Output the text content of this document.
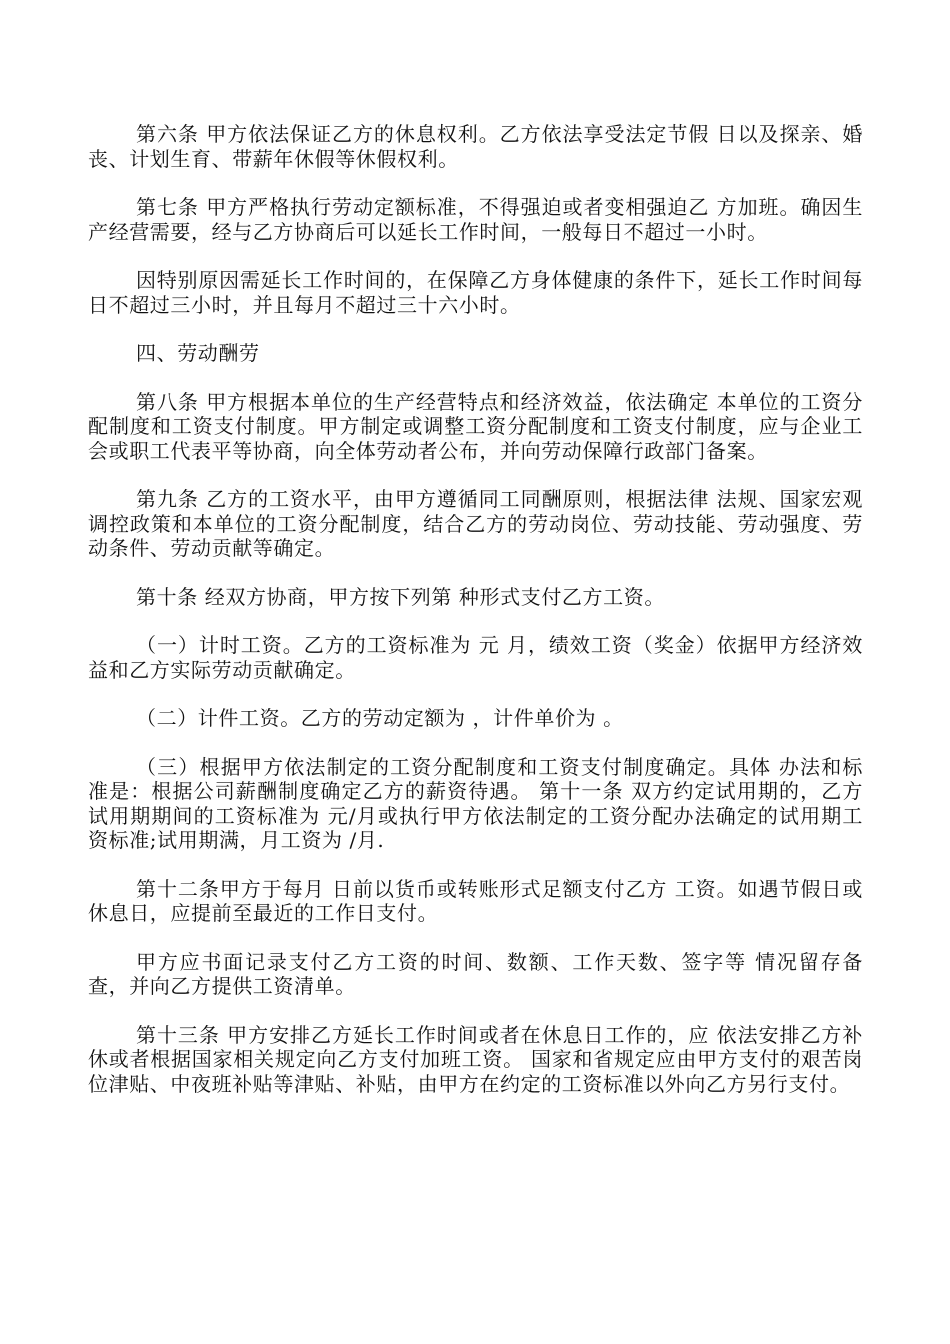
第六条 甲方依法保证乙方的休息权利。乙方依法享受法定节假 日以及探亲、婚丧、计划生育、带薪年休假等休假权利。

第七条 甲方严格执行劳动定额标准，不得强迫或者变相强迫乙 方加班。确因生产经营需要，经与乙方协商后可以延长工作时间，一般每日不超过一小时。

因特别原因需延长工作时间的，在保障乙方身体健康的条件下，延长工作时间每日不超过三小时，并且每月不超过三十六小时。

四、劳动酬劳

第八条 甲方根据本单位的生产经营特点和经济效益，依法确定 本单位的工资分配制度和工资支付制度。甲方制定或调整工资分配制度和工资支付制度，应与企业工会或职工代表平等协商，向全体劳动者公布，并向劳动保障行政部门备案。

第九条 乙方的工资水平，由甲方遵循同工同酬原则，根据法律 法规、国家宏观调控政策和本单位的工资分配制度，结合乙方的劳动岗位、劳动技能、劳动强度、劳动条件、劳动贡献等确定。

第十条 经双方协商，甲方按下列第 种形式支付乙方工资。

（一）计时工资。乙方的工资标准为 元 月，绩效工资（奖金）依据甲方经济效益和乙方实际劳动贡献确定。

（二）计件工资。乙方的劳动定额为 ，计件单价为 。

（三）根据甲方依法制定的工资分配制度和工资支付制度确定。具体 办法和标准是：根据公司薪酬制度确定乙方的薪资待遇。 第十一条 双方约定试用期的，乙方试用期期间的工资标准为 元/月或执行甲方依法制定的工资分配办法确定的试用期工资标准;试用期满，月工资为 /月.

第十二条甲方于每月 日前以货币或转账形式足额支付乙方 工资。如遇节假日或休息日，应提前至最近的工作日支付。

甲方应书面记录支付乙方工资的时间、数额、工作天数、签字等 情况留存备查，并向乙方提供工资清单。

第十三条 甲方安排乙方延长工作时间或者在休息日工作的，应 依法安排乙方补休或者根据国家相关规定向乙方支付加班工资。 国家和省规定应由甲方支付的艰苦岗位津贴、中夜班补贴等津贴、补贴，由甲方在约定的工资标准以外向乙方另行支付。
